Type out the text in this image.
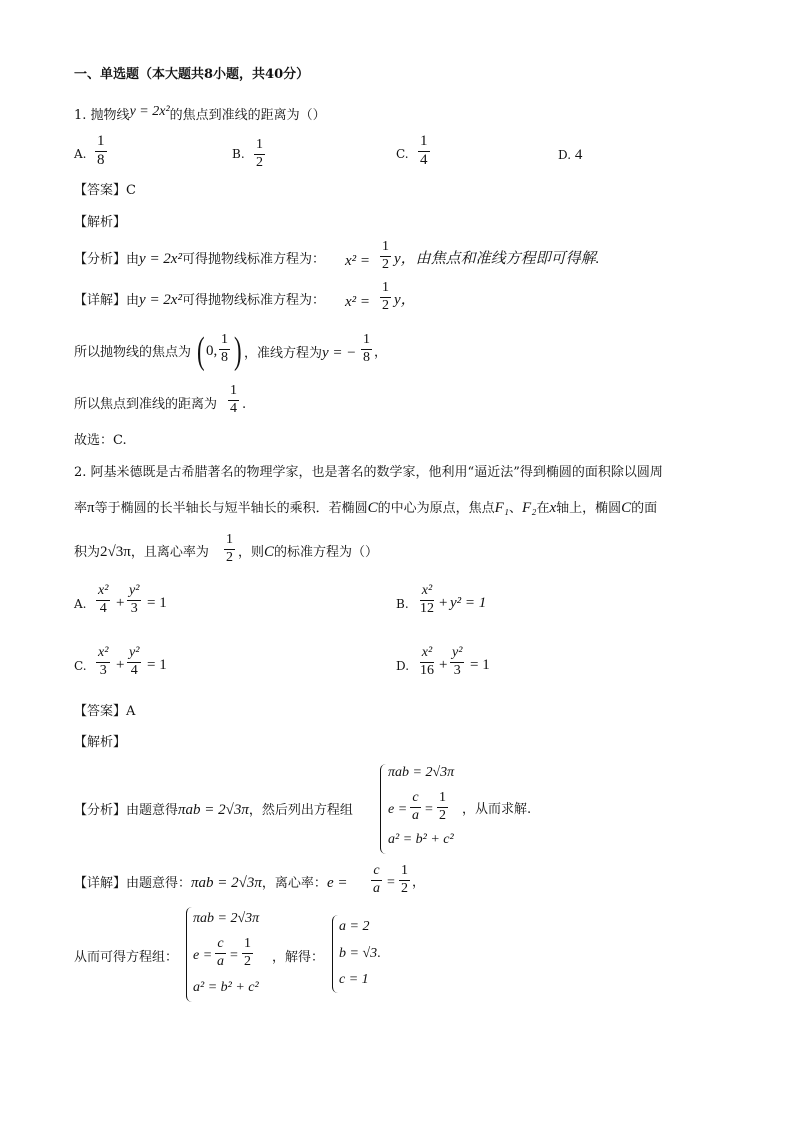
一、单选题（本大题共8小题，共40分）
1. 抛物线y = 2x²的焦点到准线的距离为（）
A. $\frac{1}{8}$	B. $\frac{1}{2}$	C. $\frac{1}{4}$	D. 4
【答案】C
【解析】
【分析】由y = 2x²可得抛物线标准方程为： $x^2 = \frac{1}{2}$ y，由焦点和准线方程即可得解.
【详解】由y = 2x²可得抛物线标准方程为： $x^2 = \frac{1}{2}$ y，
所以抛物线的焦点为 ( 0, $\frac{1}{8}$ ) ，准线方程为y = − $\frac{1}{8}$ ，
所以焦点到准线的距离为 $\frac{1}{4}$ .
故选：C.
2. 阿基米德既是古希腊著名的物理学家，也是著名的数学家，他利用“逼近法”得到椭圆的面积除以圆周
率π等于椭圆的长半轴长与短半轴长的乘积．若椭圆C的中心为原点，焦点F₁、F₂在x轴上，椭圆C的面
积为2√3π，且离心率为 $\frac{1}{2}$ ，则C的标准方程为（）
A. $\frac{\text{x²}}{4} + \frac{\text{y²}}{3} = 1$	B. $\frac{\text{x²}}{12} + y^2 = 1$
C. $\frac{\text{x²}}{3} + \frac{\text{y²}}{4} = 1$	D. $\frac{\text{x²}}{16} + \frac{\text{y²}}{3} = 1$
【答案】A
【解析】
【分析】由题意得πab = 2√3π，然后列出方程组
πab = 2√3π
$e = \frac{c}{a} = \frac{1}{2}$
a² = b² + c²
，从而求解.
【详解】由题意得：πab = 2√3π，离心率：$e = \frac{c}{a} = \frac{1}{2}$ ，
从而可得方程组：
πab = 2√3π
$e = \frac{c}{a} = \frac{1}{2}$
a² = b² + c²
，解得：
a = 2
b = √3.
c = 1
